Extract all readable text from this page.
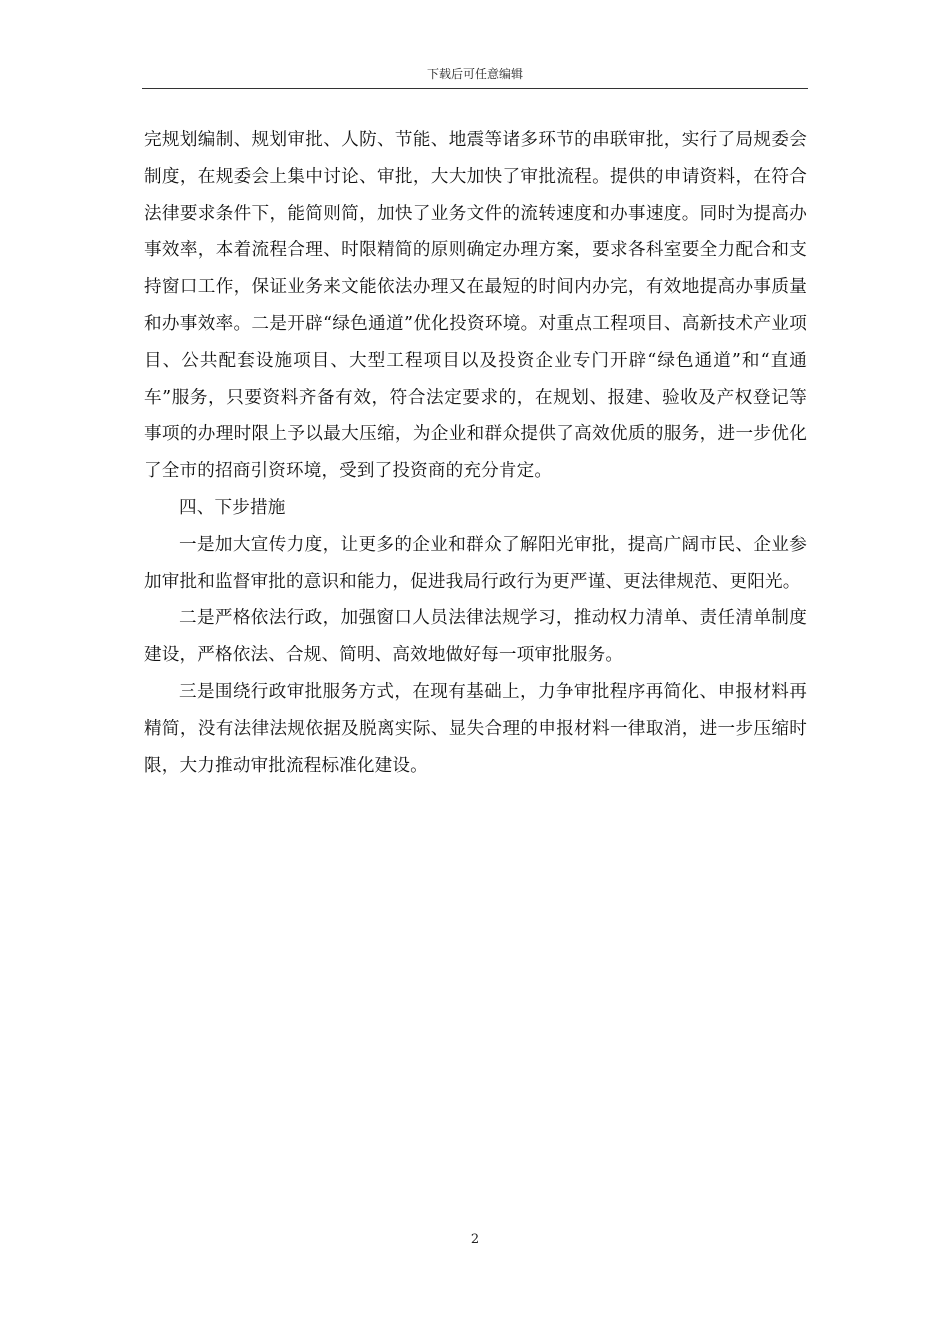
下载后可任意编辑

完规划编制、规划审批、人防、节能、地震等诸多环节的串联审批，实行了局规委会制度，在规委会上集中讨论、审批，大大加快了审批流程。提供的申请资料，在符合法律要求条件下，能简则简，加快了业务文件的流转速度和办事速度。同时为提高办事效率，本着流程合理、时限精简的原则确定办理方案，要求各科室要全力配合和支持窗口工作，保证业务来文能依法办理又在最短的时间内办完，有效地提高办事质量和办事效率。二是开辟“绿色通道”优化投资环境。对重点工程项目、高新技术产业项目、公共配套设施项目、大型工程项目以及投资企业专门开辟“绿色通道”和“直通车”服务，只要资料齐备有效，符合法定要求的，在规划、报建、验收及产权登记等事项的办理时限上予以最大压缩，为企业和群众提供了高效优质的服务，进一步优化了全市的招商引资环境，受到了投资商的充分肯定。

四、下步措施

一是加大宣传力度，让更多的企业和群众了解阳光审批，提高广阔市民、企业参加审批和监督审批的意识和能力，促进我局行政行为更严谨、更法律规范、更阳光。

二是严格依法行政，加强窗口人员法律法规学习，推动权力清单、责任清单制度建设，严格依法、合规、简明、高效地做好每一项审批服务。

三是围绕行政审批服务方式，在现有基础上，力争审批程序再简化、申报材料再精简，没有法律法规依据及脱离实际、显失合理的申报材料一律取消，进一步压缩时限，大力推动审批流程标准化建设。

2
